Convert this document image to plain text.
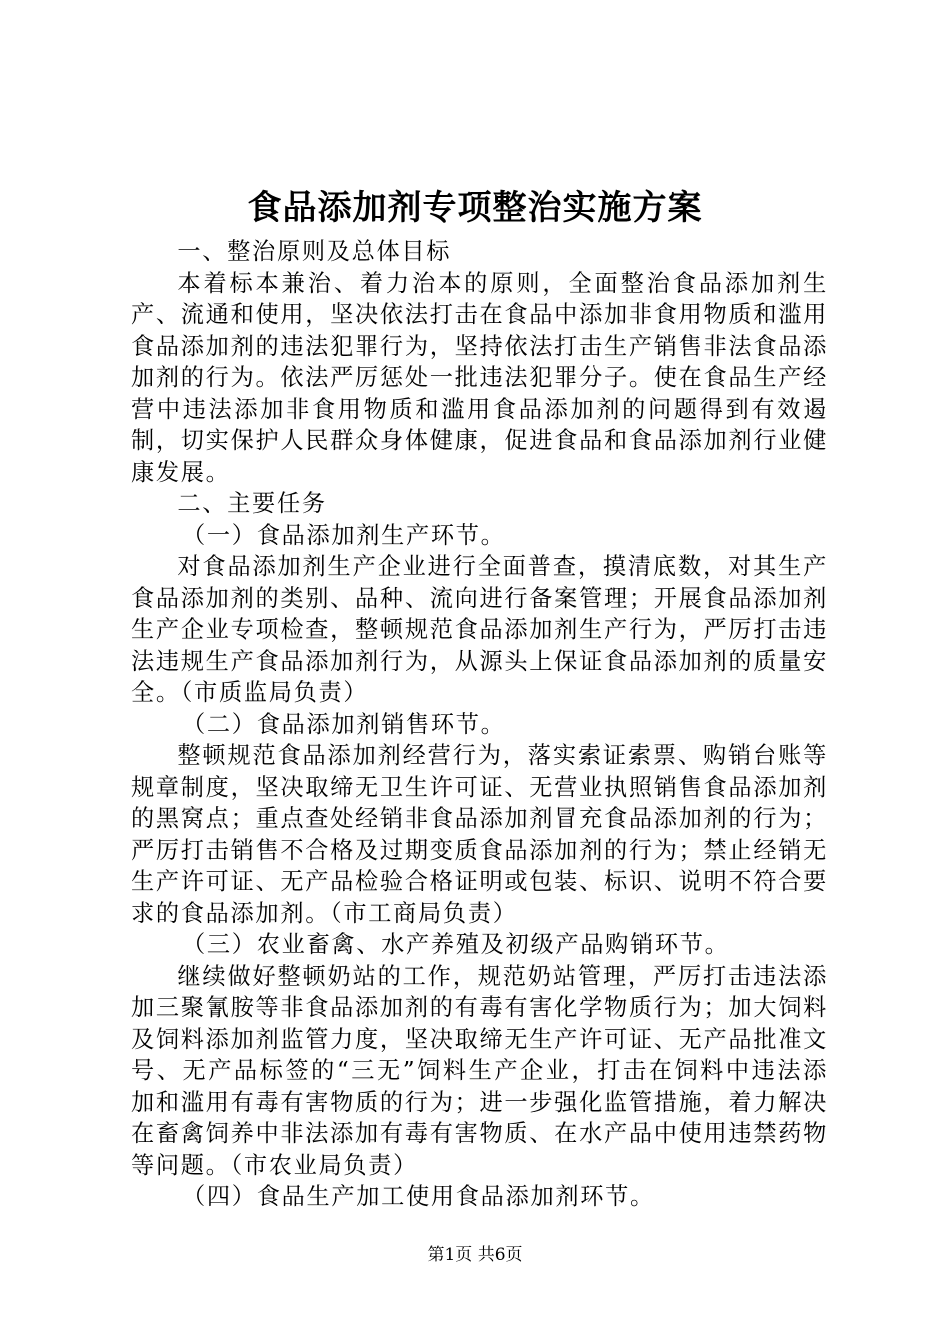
食品添加剂专项整治实施方案

一、整治原则及总体目标

本着标本兼治、着力治本的原则，全面整治食品添加剂生产、流通和使用，坚决依法打击在食品中添加非食用物质和滥用食品添加剂的违法犯罪行为，坚持依法打击生产销售非法食品添加剂的行为。依法严厉惩处一批违法犯罪分子。使在食品生产经营中违法添加非食用物质和滥用食品添加剂的问题得到有效遏制，切实保护人民群众身体健康，促进食品和食品添加剂行业健康发展。

二、主要任务

（一）食品添加剂生产环节。

对食品添加剂生产企业进行全面普查，摸清底数，对其生产食品添加剂的类别、品种、流向进行备案管理；开展食品添加剂生产企业专项检查，整顿规范食品添加剂生产行为，严厉打击违法违规生产食品添加剂行为，从源头上保证食品添加剂的质量安全。（市质监局负责）

（二）食品添加剂销售环节。

整顿规范食品添加剂经营行为，落实索证索票、购销台账等规章制度，坚决取缔无卫生许可证、无营业执照销售食品添加剂的黑窝点；重点查处经销非食品添加剂冒充食品添加剂的行为；严厉打击销售不合格及过期变质食品添加剂的行为；禁止经销无生产许可证、无产品检验合格证明或包装、标识、说明不符合要求的食品添加剂。（市工商局负责）

（三）农业畜禽、水产养殖及初级产品购销环节。

继续做好整顿奶站的工作，规范奶站管理，严厉打击违法添加三聚氰胺等非食品添加剂的有毒有害化学物质行为；加大饲料及饲料添加剂监管力度，坚决取缔无生产许可证、无产品批准文号、无产品标签的“三无”饲料生产企业，打击在饲料中违法添加和滥用有毒有害物质的行为；进一步强化监管措施，着力解决在畜禽饲养中非法添加有毒有害物质、在水产品中使用违禁药物等问题。（市农业局负责）

（四）食品生产加工使用食品添加剂环节。

第1页 共6页
